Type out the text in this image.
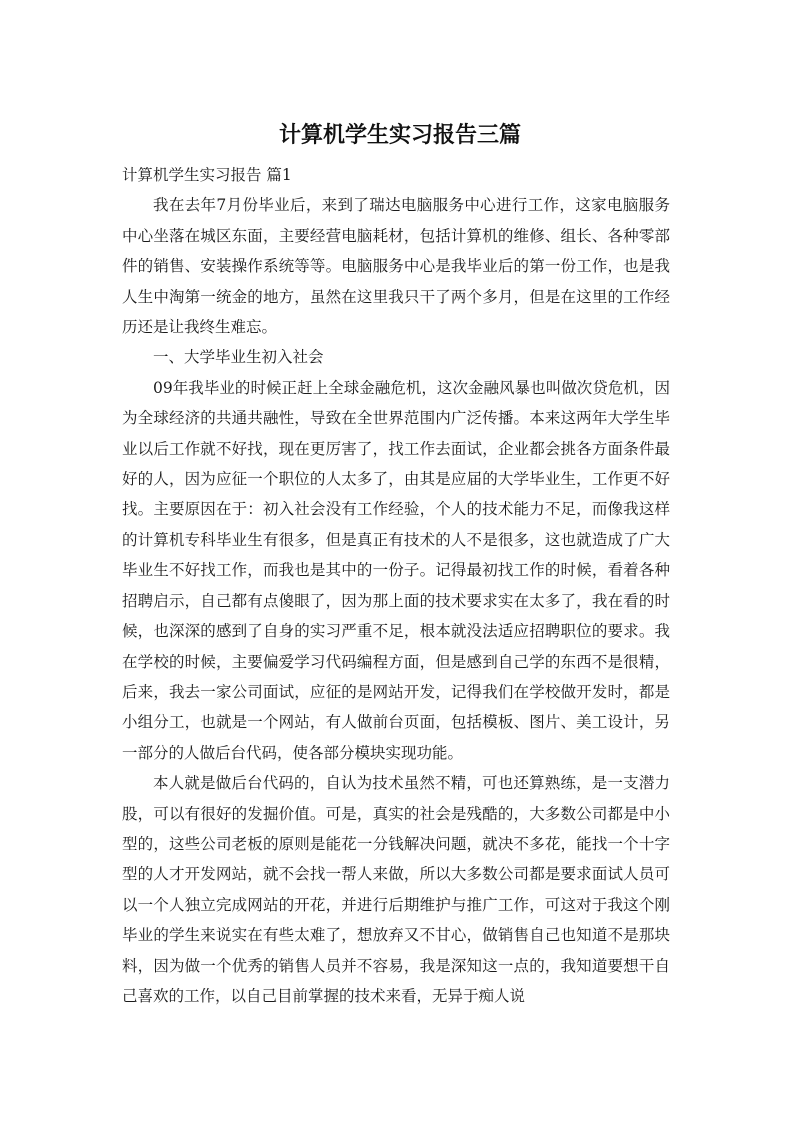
计算机学生实习报告三篇

计算机学生实习报告 篇1

我在去年7月份毕业后，来到了瑞达电脑服务中心进行工作，这家电脑服务中心坐落在城区东面，主要经营电脑耗材，包括计算机的维修、组长、各种零部件的销售、安装操作系统等等。电脑服务中心是我毕业后的第一份工作，也是我人生中淘第一统金的地方，虽然在这里我只干了两个多月，但是在这里的工作经历还是让我终生难忘。

一、大学毕业生初入社会

09年我毕业的时候正赶上全球金融危机，这次金融风暴也叫做次贷危机，因为全球经济的共通共融性，导致在全世界范围内广泛传播。本来这两年大学生毕业以后工作就不好找，现在更厉害了，找工作去面试，企业都会挑各方面条件最好的人，因为应征一个职位的人太多了，由其是应届的大学毕业生，工作更不好找。主要原因在于：初入社会没有工作经验，个人的技术能力不足，而像我这样的计算机专科毕业生有很多，但是真正有技术的人不是很多，这也就造成了广大毕业生不好找工作，而我也是其中的一份子。记得最初找工作的时候，看着各种招聘启示，自己都有点傻眼了，因为那上面的技术要求实在太多了，我在看的时候，也深深的感到了自身的实习严重不足，根本就没法适应招聘职位的要求。我在学校的时候，主要偏爱学习代码编程方面，但是感到自己学的东西不是很精，后来，我去一家公司面试，应征的是网站开发，记得我们在学校做开发时，都是小组分工，也就是一个网站，有人做前台页面，包括模板、图片、美工设计，另一部分的人做后台代码，使各部分模块实现功能。

本人就是做后台代码的，自认为技术虽然不精，可也还算熟练，是一支潜力股，可以有很好的发掘价值。可是，真实的社会是残酷的，大多数公司都是中小型的，这些公司老板的原则是能花一分钱解决问题，就决不多花，能找一个十字型的人才开发网站，就不会找一帮人来做，所以大多数公司都是要求面试人员可以一个人独立完成网站的开花，并进行后期维护与推广工作，可这对于我这个刚毕业的学生来说实在有些太难了，想放弃又不甘心，做销售自己也知道不是那块料，因为做一个优秀的销售人员并不容易，我是深知这一点的，我知道要想干自己喜欢的工作，以自己目前掌握的技术来看，无异于痴人说
